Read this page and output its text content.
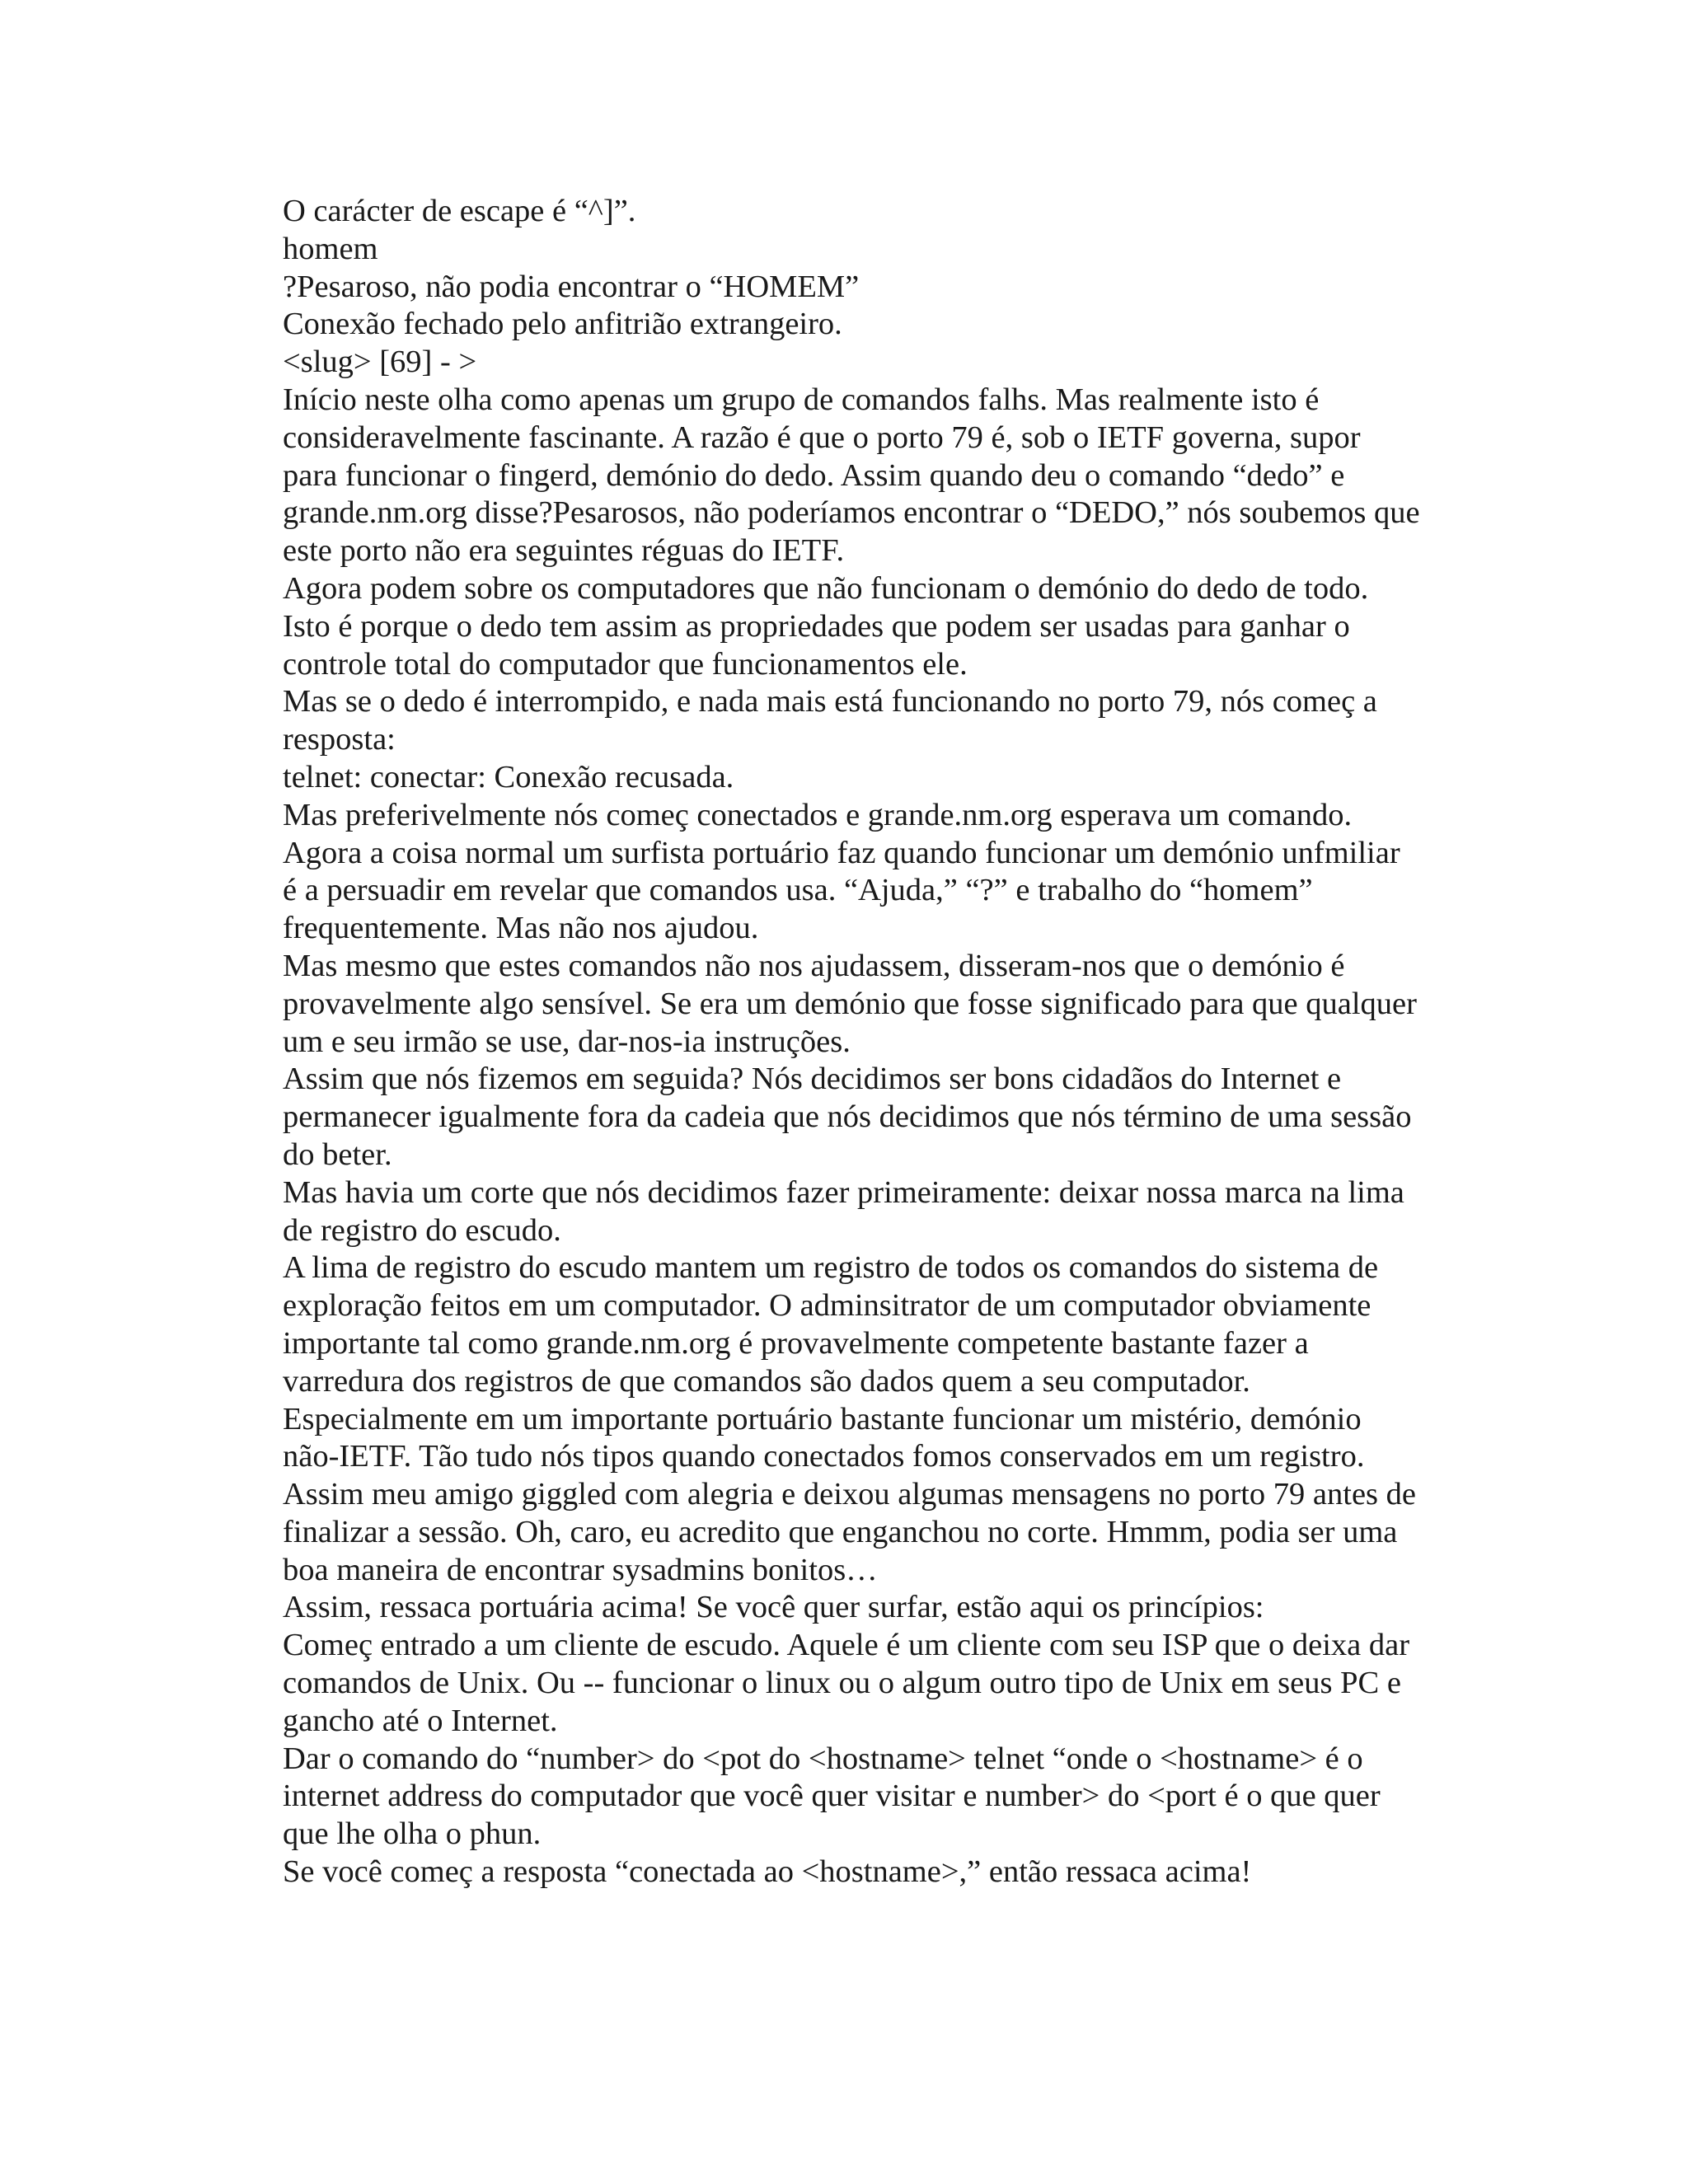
O carácter de escape é “^]”.

homem

?Pesaroso, não podia encontrar o “HOMEM”

Conexão fechado pelo anfitrião extrangeiro.

<slug> [69] - >

Início neste olha como apenas um grupo de comandos falhs. Mas realmente isto é consideravelmente fascinante. A razão é que o porto 79 é, sob o IETF governa, supor para funcionar o fingerd, demónio do dedo. Assim quando deu o comando “dedo” e grande.nm.org disse?Pesarosos, não poderíamos encontrar o “DEDO,” nós soubemos que este porto não era seguintes réguas do IETF.

Agora podem sobre os computadores que não funcionam o demónio do dedo de todo. Isto é porque o dedo tem assim as propriedades que podem ser usadas para ganhar o controle total do computador que funcionamentos ele.

Mas se o dedo é interrompido, e nada mais está funcionando no porto 79, nós começ a resposta:

telnet: conectar: Conexão recusada.

Mas preferivelmente nós começ conectados e grande.nm.org esperava um comando. Agora a coisa normal um surfista portuário faz quando funcionar um demónio unfmiliar é a persuadir em revelar que comandos usa. “Ajuda,” “?” e trabalho do “homem” frequentemente. Mas não nos ajudou.

Mas mesmo que estes comandos não nos ajudassem, disseram-nos que o demónio é provavelmente algo sensível. Se era um demónio que fosse significado para que qualquer um e seu irmão se use, dar-nos-ia instruções.

Assim que nós fizemos em seguida? Nós decidimos ser bons cidadãos do Internet e permanecer igualmente fora da cadeia que nós decidimos que nós término de uma sessão do beter.

Mas havia um corte que nós decidimos fazer primeiramente: deixar nossa marca na lima de registro do escudo.

A lima de registro do escudo mantem um registro de todos os comandos do sistema de exploração feitos em um computador. O adminsitrator de um computador obviamente importante tal como grande.nm.org é provavelmente competente bastante fazer a varredura dos registros de que comandos são dados quem a seu computador. Especialmente em um importante portuário bastante funcionar um mistério, demónio não-IETF. Tão tudo nós tipos quando conectados fomos conservados em um registro.

Assim meu amigo giggled com alegria e deixou algumas mensagens no porto 79 antes de finalizar a sessão. Oh, caro, eu acredito que enganchou no corte. Hmmm, podia ser uma boa maneira de encontrar sysadmins bonitos…

Assim, ressaca portuária acima! Se você quer surfar, estão aqui os princípios:

Começ entrado a um cliente de escudo. Aquele é um cliente com seu ISP que o deixa dar comandos de Unix. Ou -- funcionar o linux ou o algum outro tipo de Unix em seus PC e gancho até o Internet.

Dar o comando do “number> do <pot do <hostname> telnet “onde o <hostname> é o internet address do computador que você quer visitar e number> do <port é o que quer que lhe olha o phun.

Se você começ a resposta “conectada ao <hostname>,” então ressaca acima!
